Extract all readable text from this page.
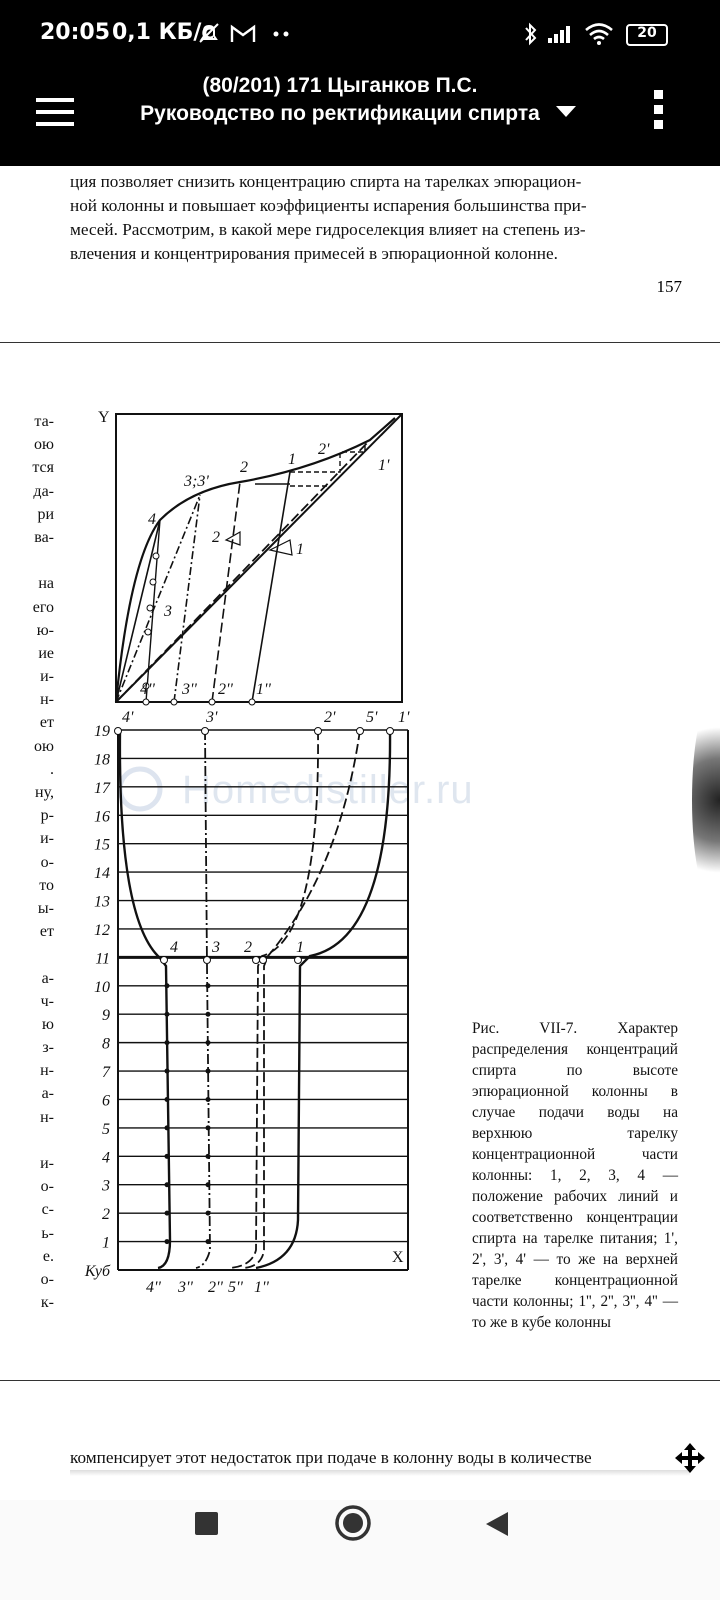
20:05 0,1 КБ/с	20
(80/201) 171 Цыганков П.С. Руководство по ректификации спирта
ция позволяет снизить концентрацию спирта на тарелках эпюрацион-
ной колонны и повышает коэффициенты испарения большинства при-
месей. Рассмотрим, в какой мере гидроселекция влияет на степень из-
влечения и концентрирования примесей в эпюрационной колонне.
157
та-
ою
тся
да-
ри
ва-
на
его
ю-
ие
и-
н-
ет
ою
.
ну,
р-
и-
о-
то
ы-
ет
а-
ч-
ю
з-
н-
а-
н-
и-
о-
с-
ь-
е.
о-
к-
Homedistiller.ru
Y
1
2'
1'
2
3;3'
4
2
1
3
4'' 3'' 2'' 1''
4'	3'	2' 5' 1'
19
18
17
16
15
14
13
12
11
10
9
8
7
6
5
4
3
2
1
Куб
4 3 2	1
X
4'' 3'' 2'' 5'' 1''
Рис. VII-7. Характер распределения концентраций спирта по высоте эпюрационной колонны в случае подачи воды на верхнюю тарелку концентрационной части колонны: 1, 2, 3, 4 — положение рабочих линий и соответственно концентрации спирта на тарелке питания; 1', 2', 3', 4' — то же на верхней тарелке концентрационной части колонны; 1'', 2'', 3'', 4'' — то же в кубе колонны
компенсирует этот недостаток при подаче в колонну воды в количестве
